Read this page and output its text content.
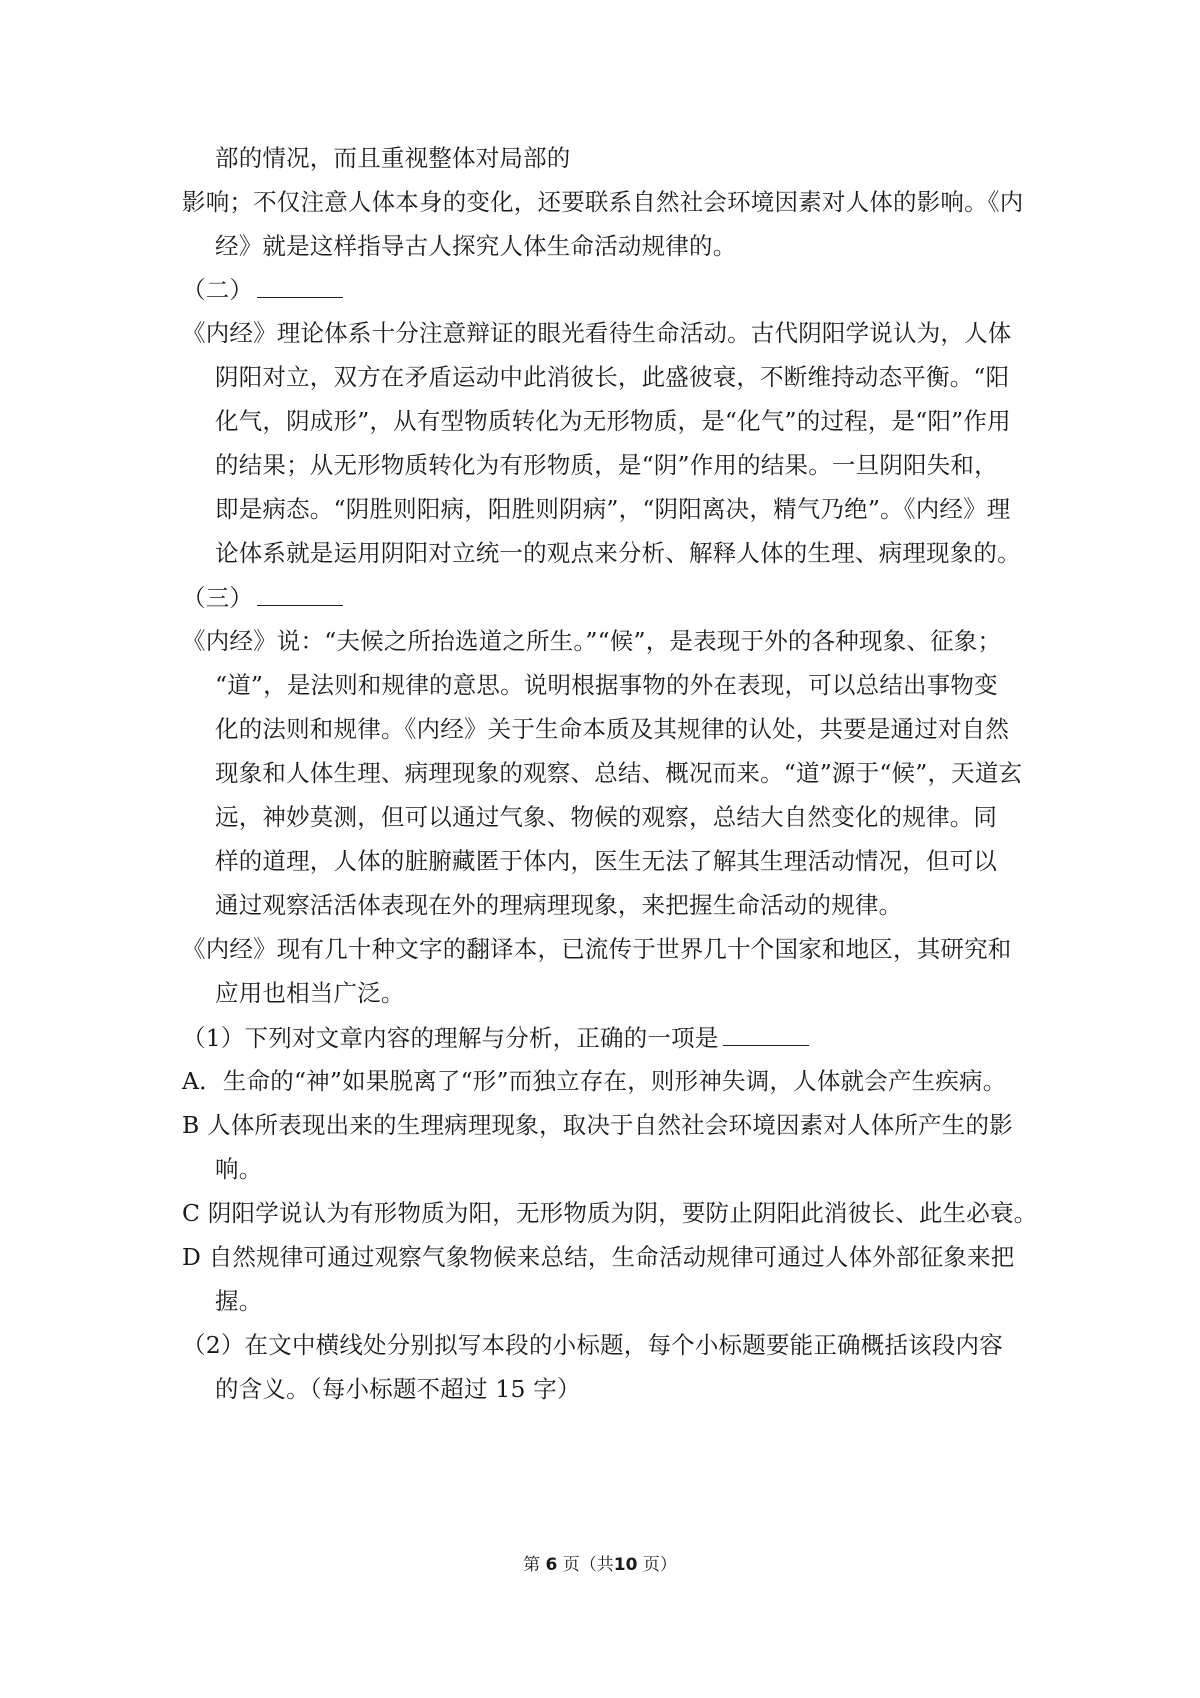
部的情况，而且重视整体对局部的
影响；不仅注意人体本身的变化，还要联系自然社会环境因素对人体的影响。《内
经》就是这样指导古人探究人体生命活动规律的。
（二）
《内经》理论体系十分注意辩证的眼光看待生命活动。古代阴阳学说认为，人体
阴阳对立，双方在矛盾运动中此消彼长，此盛彼衰，不断维持动态平衡。“阳
化气，阴成形”，从有型物质转化为无形物质，是“化气”的过程，是“阳”作用
的结果；从无形物质转化为有形物质，是“阴”作用的结果。一旦阴阳失和，
即是病态。“阴胜则阳病，阳胜则阴病”，“阴阳离决，精气乃绝”。《内经》理
论体系就是运用阴阳对立统一的观点来分析、解释人体的生理、病理现象的。
（三）
《内经》说：“夫候之所抬选道之所生。”“候”，是表现于外的各种现象、征象；
“道”，是法则和规律的意思。说明根据事物的外在表现，可以总结出事物变
化的法则和规律。《内经》关于生命本质及其规律的认处，共要是通过对自然
现象和人体生理、病理现象的观察、总结、概况而来。“道”源于“候”，天道玄
远，神妙莫测，但可以通过气象、物候的观察，总结大自然变化的规律。同
样的道理，人体的脏腑藏匿于体内，医生无法了解其生理活动情况，但可以
通过观察活活体表现在外的理病理现象，来把握生命活动的规律。
《内经》现有几十种文字的翻译本，已流传于世界几十个国家和地区，其研究和
应用也相当广泛。
（1）下列对文章内容的理解与分析，正确的一项是
A．生命的“神”如果脱离了“形”而独立存在，则形神失调，人体就会产生疾病。
B 人体所表现出来的生理病理现象，取决于自然社会环境因素对人体所产生的影
响。
C 阴阳学说认为有形物质为阳，无形物质为阴，要防止阴阳此消彼长、此生必衰。
D 自然规律可通过观察气象物候来总结，生命活动规律可通过人体外部征象来把
握。
（2）在文中横线处分别拟写本段的小标题，每个小标题要能正确概括该段内容
的含义。（每小标题不超过 15 字）
第 6 页（共10 页）
